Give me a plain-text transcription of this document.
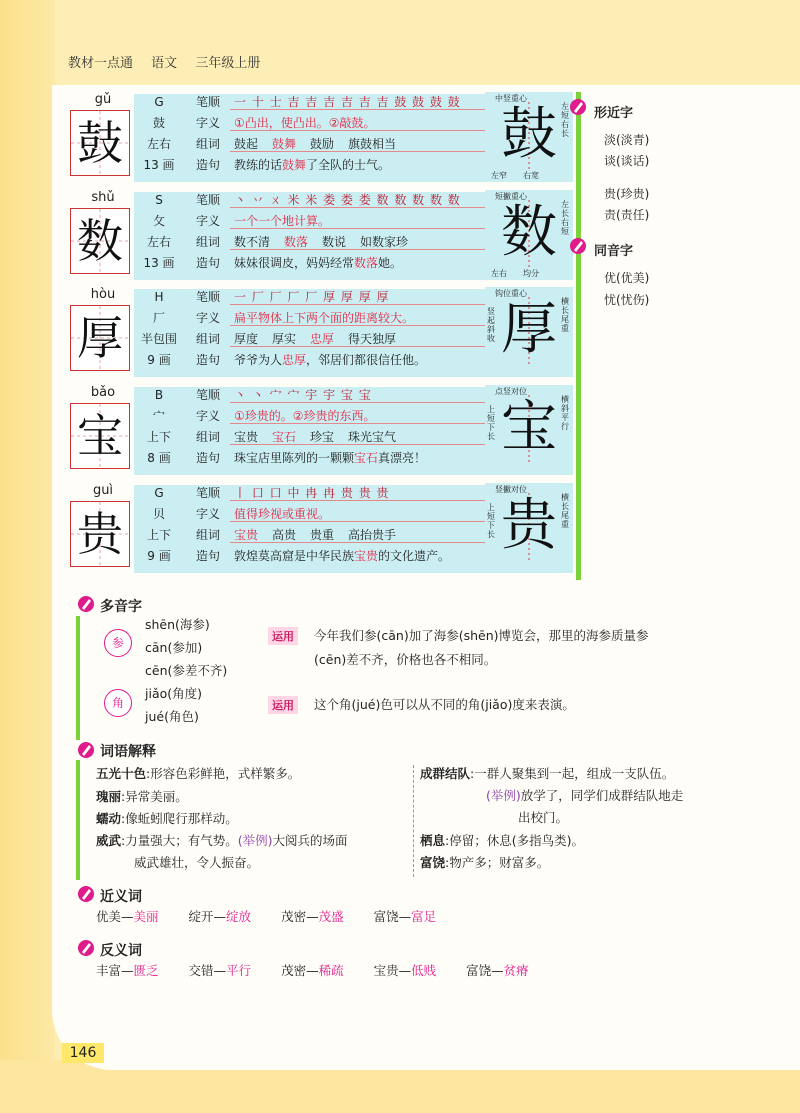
教材一点通 语文 三年级上册
gǔ
鼓
G	笔顺	一 十 士 吉 吉 吉 吉 吉 吉 鼓 鼓 鼓 鼓
鼓	字义	①凸出，使凸出。②敲鼓。
左右	组词	鼓起 鼓舞 鼓励 旗鼓相当
13 画	造句	教练的话鼓舞了全队的士气。	鼓
中竖重心
左窄 右宽
左短右长
shǔ
数
S	笔顺	丶 丷 ㄨ 米 米 娄 娄 娄 数 数 数 数 数
攵	字义	一个一个地计算。
左右	组词	数不清 数落 数说 如数家珍
13 画	造句	妹妹很调皮，妈妈经常数落她。	数
短撇重心
左右 均分
左长右短
hòu
厚
H	笔顺	一 厂 厂 厂 厂 厚 厚 厚 厚
厂	字义	扁平物体上下两个面的距离较大。
半包围	组词	厚度 厚实 忠厚 得天独厚
9 画	造句	爷爷为人忠厚，邻居们都很信任他。	厚
钩位重心
竖起斜收
横长尾重
bǎo
宝
B	笔顺	丶 丶 宀 宀 宇 宇 宝 宝
宀	字义	①珍贵的。②珍贵的东西。
上下	组词	宝贵 宝石 珍宝 珠光宝气
8 画	造句	珠宝店里陈列的一颗颗宝石真漂亮！	宝
点竖对位
上短下长
横斜平行
guì
贵
G	笔顺	丨 口 口 中 冉 冉 贵 贵 贵
贝	字义	值得珍视或重视。
上下	组词	宝贵 高贵 贵重 高抬贵手
9 画	造句	敦煌莫高窟是中华民族宝贵的文化遗产。 贵
竖撇对位
上短下长
横长尾重
形近字
淡(淡青)
谈(谈话)
贵(珍贵)
责(责任)
同音字
优(优美)
忧(忧伤)
多音字
参
shēn(海参)
cān(参加)
cēn(参差不齐)
运用	今年我们参(cān)加了海参(shēn)博览会，那里的海参质量参
(cēn)差不齐，价格也各不相同。
角
jiǎo(角度)
jué(角色)
运用	这个角(jué)色可以从不同的角(jiǎo)度来表演。
词语解释
五光十色:形容色彩鲜艳，式样繁多。
瑰丽:异常美丽。
蠕动:像蚯蚓爬行那样动。
威武:力量强大；有气势。(举例)大阅兵的场面
威武雄壮，令人振奋。
成群结队:一群人聚集到一起，组成一支队伍。
(举例)放学了，同学们成群结队地走
出校门。
栖息:停留；休息(多指鸟类)。
富饶:物产多；财富多。
近义词
优美—美丽 绽开—绽放 茂密—茂盛 富饶—富足
反义词
丰富—匮乏 交错—平行 茂密—稀疏 宝贵—低贱 富饶—贫瘠
146
